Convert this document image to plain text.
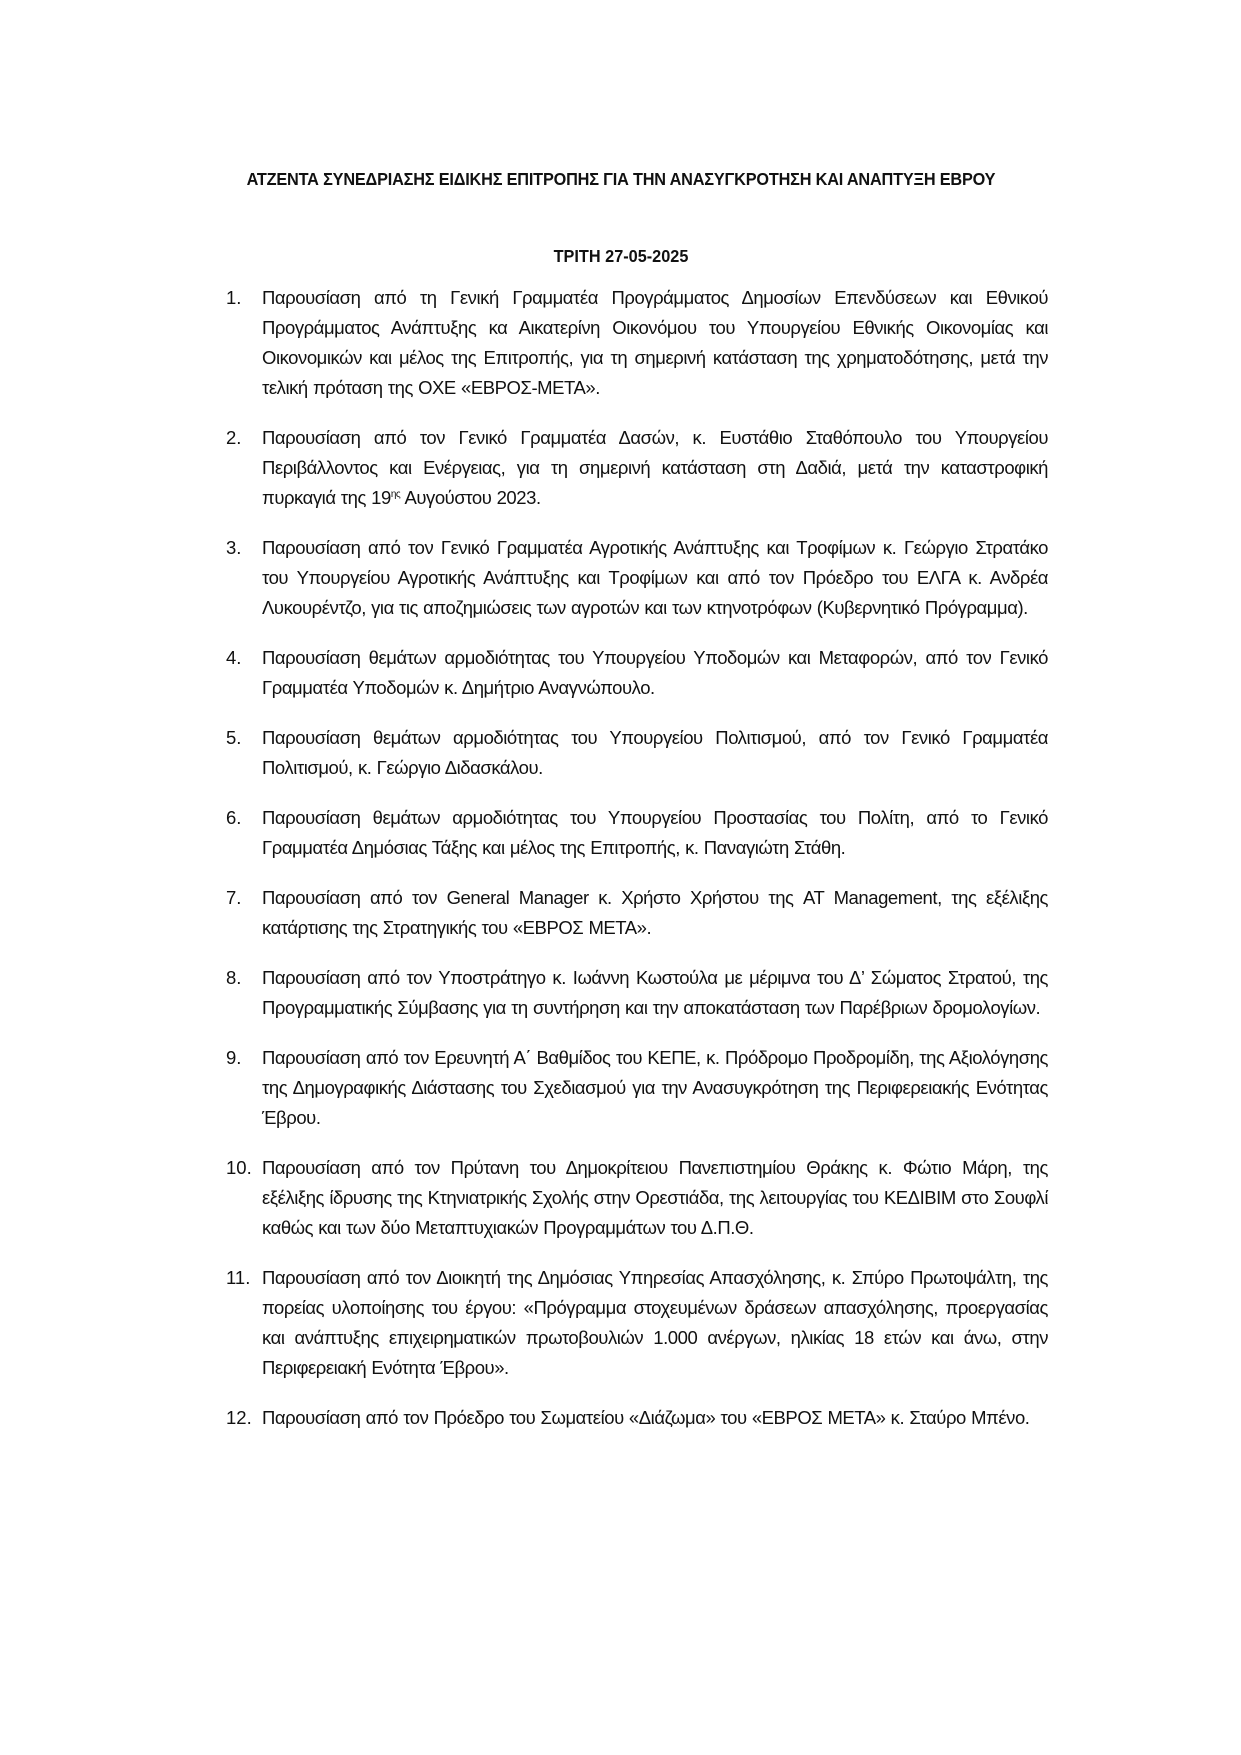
ΑΤΖΕΝΤΑ ΣΥΝΕΔΡΙΑΣΗΣ ΕΙΔΙΚΗΣ ΕΠΙΤΡΟΠΗΣ ΓΙΑ ΤΗΝ ΑΝΑΣΥΓΚΡΟΤΗΣΗ ΚΑΙ ΑΝΑΠΤΥΞΗ ΕΒΡΟΥ
ΤΡΙΤΗ 27-05-2025
1. Παρουσίαση από τη Γενική Γραμματέα Προγράμματος Δημοσίων Επενδύσεων και Εθνικού Προγράμματος Ανάπτυξης κα Αικατερίνη Οικονόμου του Υπουργείου Εθνικής Οικονομίας και Οικονομικών και μέλος της Επιτροπής, για τη σημερινή κατάσταση της χρηματοδότησης, μετά την τελική πρόταση της ΟΧΕ «ΕΒΡΟΣ-ΜΕΤΑ».
2. Παρουσίαση από τον Γενικό Γραμματέα Δασών, κ. Ευστάθιο Σταθόπουλο του Υπουργείου Περιβάλλοντος και Ενέργειας, για τη σημερινή κατάσταση στη Δαδιά, μετά την καταστροφική πυρκαγιά της $19^{\eta\varsigma}$ Αυγούστου 2023.
3. Παρουσίαση από τον Γενικό Γραμματέα Αγροτικής Ανάπτυξης και Τροφίμων κ. Γεώργιο Στρατάκο του Υπουργείου Αγροτικής Ανάπτυξης και Τροφίμων και από τον Πρόεδρο του ΕΛΓΑ κ. Ανδρέα Λυκουρέντζο, για τις αποζημιώσεις των αγροτών και των κτηνοτρόφων (Κυβερνητικό Πρόγραμμα).
4. Παρουσίαση θεμάτων αρμοδιότητας του Υπουργείου Υποδομών και Μεταφορών, από τον Γενικό Γραμματέα Υποδομών κ. Δημήτριο Αναγνώπουλο.
5. Παρουσίαση θεμάτων αρμοδιότητας του Υπουργείου Πολιτισμού, από τον Γενικό Γραμματέα Πολιτισμού, κ. Γεώργιο Διδασκάλου.
6. Παρουσίαση θεμάτων αρμοδιότητας του Υπουργείου Προστασίας του Πολίτη, από το Γενικό Γραμματέα Δημόσιας Τάξης και μέλος της Επιτροπής, κ. Παναγιώτη Στάθη.
7. Παρουσίαση από τον General Manager κ. Χρήστο Χρήστου της AT Management, της εξέλιξης κατάρτισης της Στρατηγικής του «ΕΒΡΟΣ ΜΕΤΑ».
8. Παρουσίαση από τον Υποστράτηγο κ. Ιωάννη Κωστούλα με μέριμνα του Δ’ Σώματος Στρατού, της Προγραμματικής Σύμβασης για τη συντήρηση και την αποκατάσταση των Παρέβριων δρομολογίων.
9. Παρουσίαση από τον Ερευνητή Α΄ Βαθμίδος του ΚΕΠΕ, κ. Πρόδρομο Προδρομίδη, της Αξιολόγησης της Δημογραφικής Διάστασης του Σχεδιασμού για την Ανασυγκρότηση της Περιφερειακής Ενότητας Έβρου.
10. Παρουσίαση από τον Πρύτανη του Δημοκρίτειου Πανεπιστημίου Θράκης κ. Φώτιο Μάρη, της εξέλιξης ίδρυσης της Κτηνιατρικής Σχολής στην Ορεστιάδα, της λειτουργίας του ΚΕΔΙΒΙΜ στο Σουφλί καθώς και των δύο Μεταπτυχιακών Προγραμμάτων του Δ.Π.Θ.
11. Παρουσίαση από τον Διοικητή της Δημόσιας Υπηρεσίας Απασχόλησης, κ. Σπύρο Πρωτοψάλτη, της πορείας υλοποίησης του έργου: «Πρόγραμμα στοχευμένων δράσεων απασχόλησης, προεργασίας και ανάπτυξης επιχειρηματικών πρωτοβουλιών 1.000 ανέργων, ηλικίας 18 ετών και άνω, στην Περιφερειακή Ενότητα Έβρου».
12. Παρουσίαση από τον Πρόεδρο του Σωματείου «Διάζωμα» του «ΕΒΡΟΣ ΜΕΤΑ» κ. Σταύρο Μπένο.
